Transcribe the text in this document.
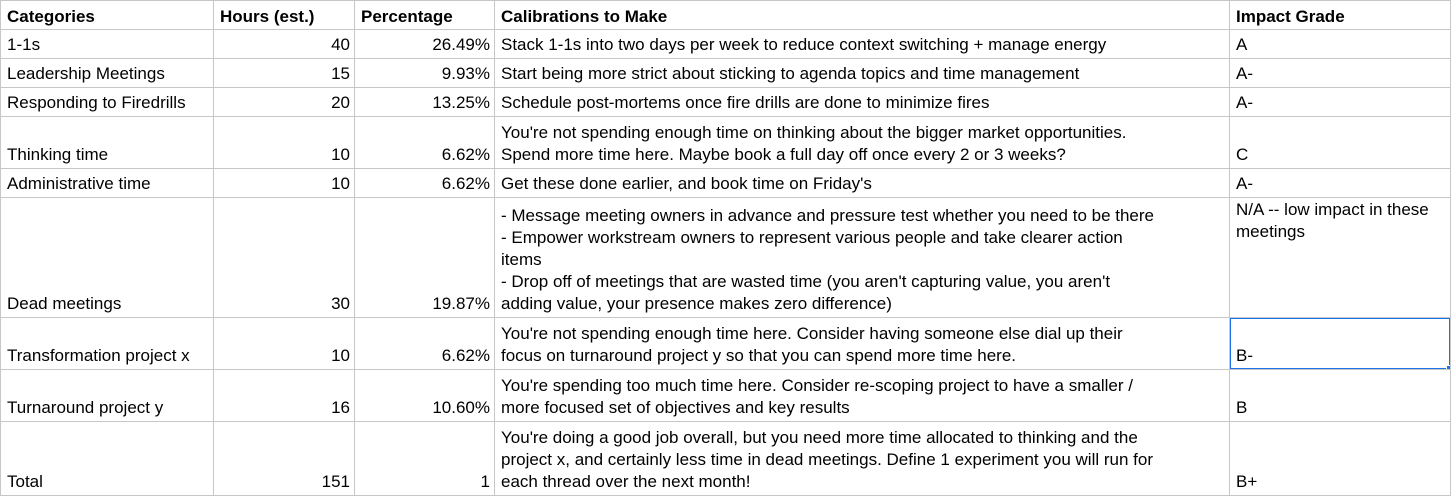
Categories	Hours (est.)	Percentage	Calibrations to Make	Impact Grade
1-1s	40	26.49%	Stack 1-1s into two days per week to reduce context switching + manage energy	A
Leadership Meetings	15	9.93%	Start being more strict about sticking to agenda topics and time management	A-
Responding to Firedrills	20	13.25%	Schedule post-mortems once fire drills are done to minimize fires	A-
Thinking time	10	6.62%	You're not spending enough time on thinking about the bigger market opportunities.
Spend more time here. Maybe book a full day off once every 2 or 3 weeks?	C
Administrative time	10	6.62%	Get these done earlier, and book time on Friday's	A-
Dead meetings	30	19.87%	- Message meeting owners in advance and pressure test whether you need to be there
- Empower workstream owners to represent various people and take clearer action
items
- Drop off of meetings that are wasted time (you aren't capturing value, you aren't
adding value, your presence makes zero difference)	N/A -- low impact in these meetings
Transformation project x	10	6.62%	You're not spending enough time here. Consider having someone else dial up their
focus on turnaround project y so that you can spend more time here.	B-

Turnaround project y	16	10.60%	You're spending too much time here. Consider re-scoping project to have a smaller /
more focused set of objectives and key results	B
Total	151	1	You're doing a good job overall, but you need more time allocated to thinking and the
project x, and certainly less time in dead meetings. Define 1 experiment you will run for
each thread over the next month!	B+
